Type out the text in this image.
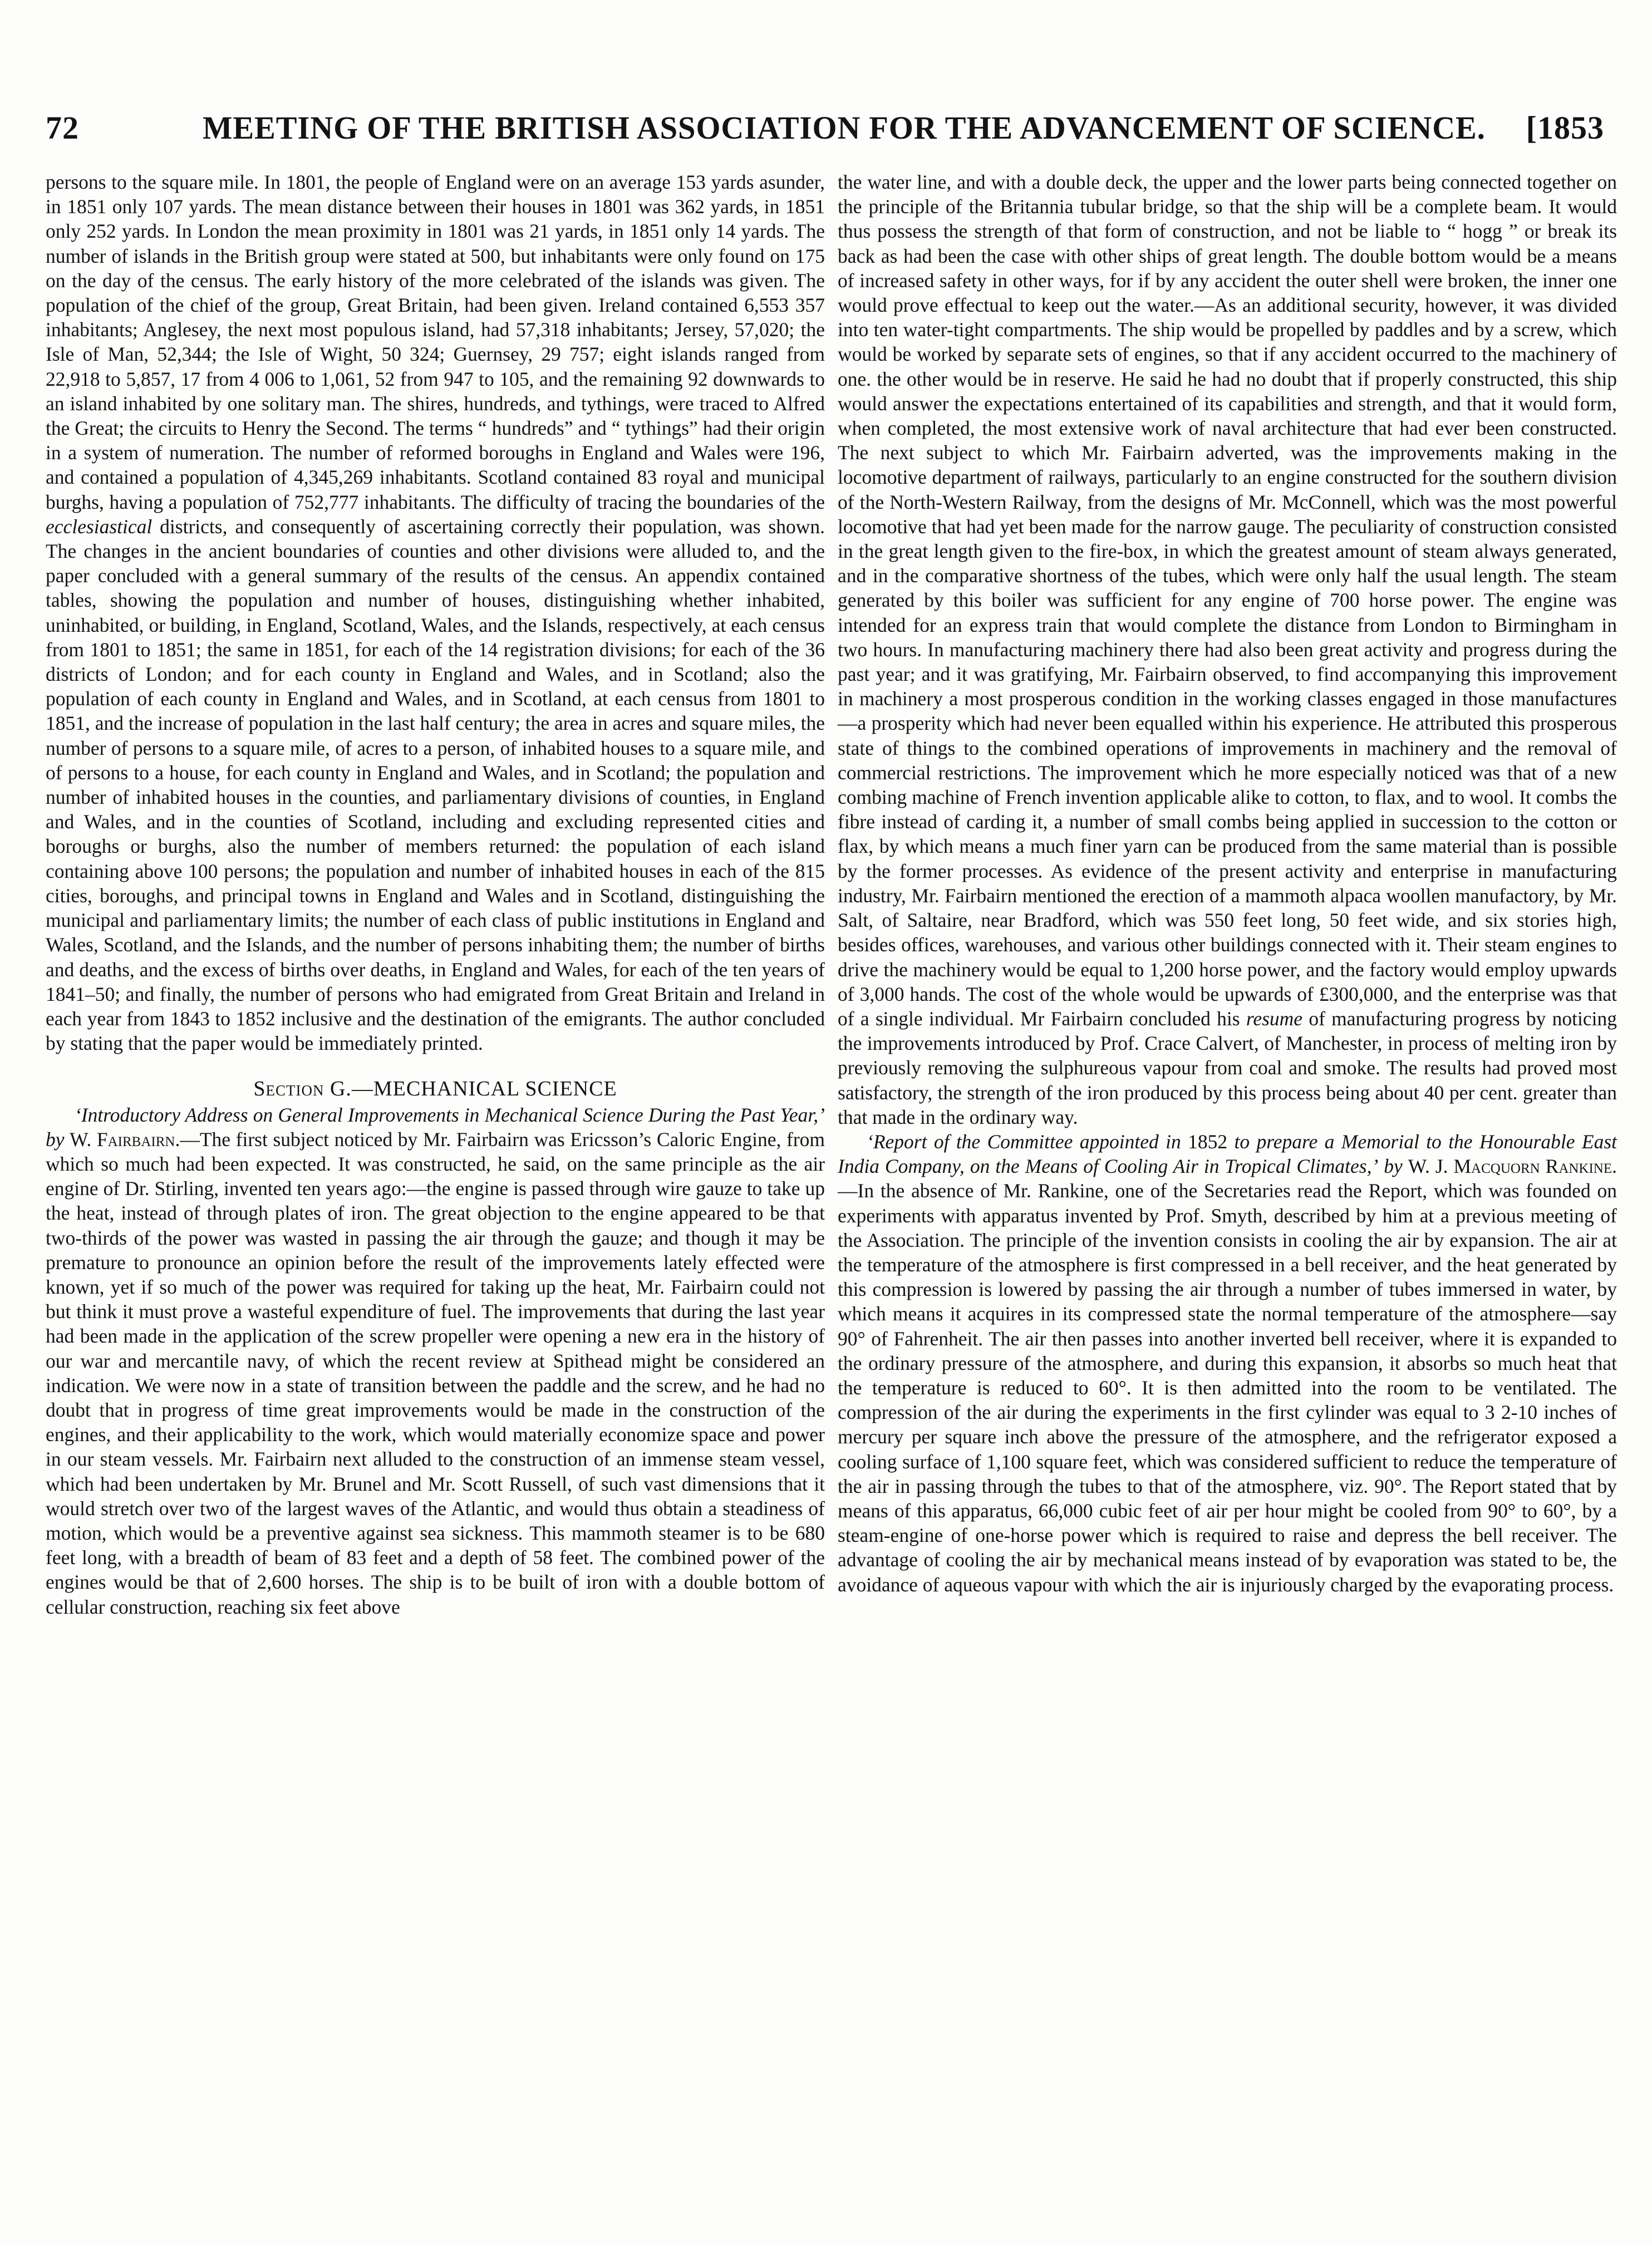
72	MEETING OF THE BRITISH ASSOCIATION FOR THE ADVANCEMENT OF SCIENCE. [1853

persons to the square mile. In 1801, the people of England were on an average 153 yards asunder, in 1851 only 107 yards. The mean distance between their houses in 1801 was 362 yards, in 1851 only 252 yards. In London the mean proximity in 1801 was 21 yards, in 1851 only 14 yards. The number of islands in the British group were stated at 500, but inhabitants were only found on 175 on the day of the census. The early history of the more celebrated of the islands was given. The population of the chief of the group, Great Britain, had been given. Ireland contained 6,553 357 inhabitants; Anglesey, the next most populous island, had 57,318 inhabitants; Jersey, 57,020; the Isle of Man, 52,344; the Isle of Wight, 50 324; Guernsey, 29 757; eight islands ranged from 22,918 to 5,857, 17 from 4 006 to 1,061, 52 from 947 to 105, and the remaining 92 downwards to an island inhabited by one solitary man. The shires, hundreds, and tythings, were traced to Alfred the Great; the circuits to Henry the Second. The terms “ hundreds” and “ tythings” had their origin in a system of numeration. The number of reformed boroughs in England and Wales were 196, and contained a population of 4,345,269 inhabitants. Scotland contained 83 royal and municipal burghs, having a population of 752,777 inhabitants. The difficulty of tracing the boundaries of the ecclesiastical districts, and consequently of ascertaining correctly their population, was shown. The changes in the ancient boundaries of counties and other divisions were alluded to, and the paper concluded with a general summary of the results of the census. An appendix contained tables, showing the population and number of houses, distinguishing whether inhabited, uninhabited, or building, in England, Scotland, Wales, and the Islands, respectively, at each census from 1801 to 1851; the same in 1851, for each of the 14 registration divisions; for each of the 36 districts of London; and for each county in England and Wales, and in Scotland; also the population of each county in England and Wales, and in Scotland, at each census from 1801 to 1851, and the increase of population in the last half century; the area in acres and square miles, the number of persons to a square mile, of acres to a person, of inhabited houses to a square mile, and of persons to a house, for each county in England and Wales, and in Scotland; the population and number of inhabited houses in the counties, and parliamentary divisions of counties, in England and Wales, and in the counties of Scotland, including and excluding represented cities and boroughs or burghs, also the number of members returned: the population of each island containing above 100 persons; the population and number of inhabited houses in each of the 815 cities, boroughs, and principal towns in England and Wales and in Scotland, distinguishing the municipal and parliamentary limits; the number of each class of public institutions in England and Wales, Scotland, and the Islands, and the number of persons inhabiting them; the number of births and deaths, and the excess of births over deaths, in England and Wales, for each of the ten years of 1841–50; and finally, the number of persons who had emigrated from Great Britain and Ireland in each year from 1843 to 1852 inclusive and the destination of the emigrants. The author concluded by stating that the paper would be immediately printed.

Section G.—MECHANICAL SCIENCE

‘Introductory Address on General Improvements in Mechanical Science During the Past Year,’ by W. Fairbairn.—The first subject noticed by Mr. Fairbairn was Ericsson’s Caloric Engine, from which so much had been expected. It was constructed, he said, on the same principle as the air engine of Dr. Stirling, invented ten years ago:—the engine is passed through wire gauze to take up the heat, instead of through plates of iron. The great objection to the engine appeared to be that two-thirds of the power was wasted in passing the air through the gauze; and though it may be premature to pronounce an opinion before the result of the improvements lately effected were known, yet if so much of the power was required for taking up the heat, Mr. Fairbairn could not but think it must prove a wasteful expenditure of fuel. The improvements that during the last year had been made in the application of the screw propeller were opening a new era in the history of our war and mercantile navy, of which the recent review at Spithead might be considered an indication. We were now in a state of transition between the paddle and the screw, and he had no doubt that in progress of time great improvements would be made in the construction of the engines, and their applicability to the work, which would materially economize space and power in our steam vessels. Mr. Fairbairn next alluded to the construction of an immense steam vessel, which had been undertaken by Mr. Brunel and Mr. Scott Russell, of such vast dimensions that it would stretch over two of the largest waves of the Atlantic, and would thus obtain a steadiness of motion, which would be a preventive against sea sickness. This mammoth steamer is to be 680 feet long, with a breadth of beam of 83 feet and a depth of 58 feet. The combined power of the engines would be that of 2,600 horses. The ship is to be built of iron with a double bottom of cellular construction, reaching six feet above

the water line, and with a double deck, the upper and the lower parts being connected together on the principle of the Britannia tubular bridge, so that the ship will be a complete beam. It would thus possess the strength of that form of construction, and not be liable to “ hogg ” or break its back as had been the case with other ships of great length. The double bottom would be a means of increased safety in other ways, for if by any accident the outer shell were broken, the inner one would prove effectual to keep out the water.—As an additional security, however, it was divided into ten water-tight compartments. The ship would be propelled by paddles and by a screw, which would be worked by separate sets of engines, so that if any accident occurred to the machinery of one. the other would be in reserve. He said he had no doubt that if properly constructed, this ship would answer the expectations entertained of its capabilities and strength, and that it would form, when completed, the most extensive work of naval architecture that had ever been constructed. The next subject to which Mr. Fairbairn adverted, was the improvements making in the locomotive department of railways, particularly to an engine constructed for the southern division of the North-Western Railway, from the designs of Mr. McConnell, which was the most powerful locomotive that had yet been made for the narrow gauge. The peculiarity of construction consisted in the great length given to the fire-box, in which the greatest amount of steam always generated, and in the comparative shortness of the tubes, which were only half the usual length. The steam generated by this boiler was sufficient for any engine of 700 horse power. The engine was intended for an express train that would complete the distance from London to Birmingham in two hours. In manufacturing machinery there had also been great activity and progress during the past year; and it was gratifying, Mr. Fairbairn observed, to find accompanying this improvement in machinery a most prosperous condition in the working classes engaged in those manufactures—a prosperity which had never been equalled within his experience. He attributed this prosperous state of things to the combined operations of improvements in machinery and the removal of commercial restrictions. The improvement which he more especially noticed was that of a new combing machine of French invention applicable alike to cotton, to flax, and to wool. It combs the fibre instead of carding it, a number of small combs being applied in succession to the cotton or flax, by which means a much finer yarn can be produced from the same material than is possible by the former processes. As evidence of the present activity and enterprise in manufacturing industry, Mr. Fairbairn mentioned the erection of a mammoth alpaca woollen manufactory, by Mr. Salt, of Saltaire, near Bradford, which was 550 feet long, 50 feet wide, and six stories high, besides offices, warehouses, and various other buildings connected with it. Their steam engines to drive the machinery would be equal to 1,200 horse power, and the factory would employ upwards of 3,000 hands. The cost of the whole would be upwards of £300,000, and the enterprise was that of a single individual. Mr Fairbairn concluded his resume of manufacturing progress by noticing the improvements introduced by Prof. Crace Calvert, of Manchester, in process of melting iron by previously removing the sulphureous vapour from coal and smoke. The results had proved most satisfactory, the strength of the iron produced by this process being about 40 per cent. greater than that made in the ordinary way.

‘Report of the Committee appointed in 1852 to prepare a Memorial to the Honourable East India Company, on the Means of Cooling Air in Tropical Climates,’ by W. J. Macquorn Rankine.—In the absence of Mr. Rankine, one of the Secretaries read the Report, which was founded on experiments with apparatus invented by Prof. Smyth, described by him at a previous meeting of the Association. The principle of the invention consists in cooling the air by expansion. The air at the temperature of the atmosphere is first compressed in a bell receiver, and the heat generated by this compression is lowered by passing the air through a number of tubes immersed in water, by which means it acquires in its compressed state the normal temperature of the atmosphere—say 90° of Fahrenheit. The air then passes into another inverted bell receiver, where it is expanded to the ordinary pressure of the atmosphere, and during this expansion, it absorbs so much heat that the temperature is reduced to 60°. It is then admitted into the room to be ventilated. The compression of the air during the experiments in the first cylinder was equal to 3 2-10 inches of mercury per square inch above the pressure of the atmosphere, and the refrigerator exposed a cooling surface of 1,100 square feet, which was considered sufficient to reduce the temperature of the air in passing through the tubes to that of the atmosphere, viz. 90°. The Report stated that by means of this apparatus, 66,000 cubic feet of air per hour might be cooled from 90° to 60°, by a steam-engine of one-horse power which is required to raise and depress the bell receiver. The advantage of cooling the air by mechanical means instead of by evaporation was stated to be, the avoidance of aqueous vapour with which the air is injuriously charged by the evaporating process.
